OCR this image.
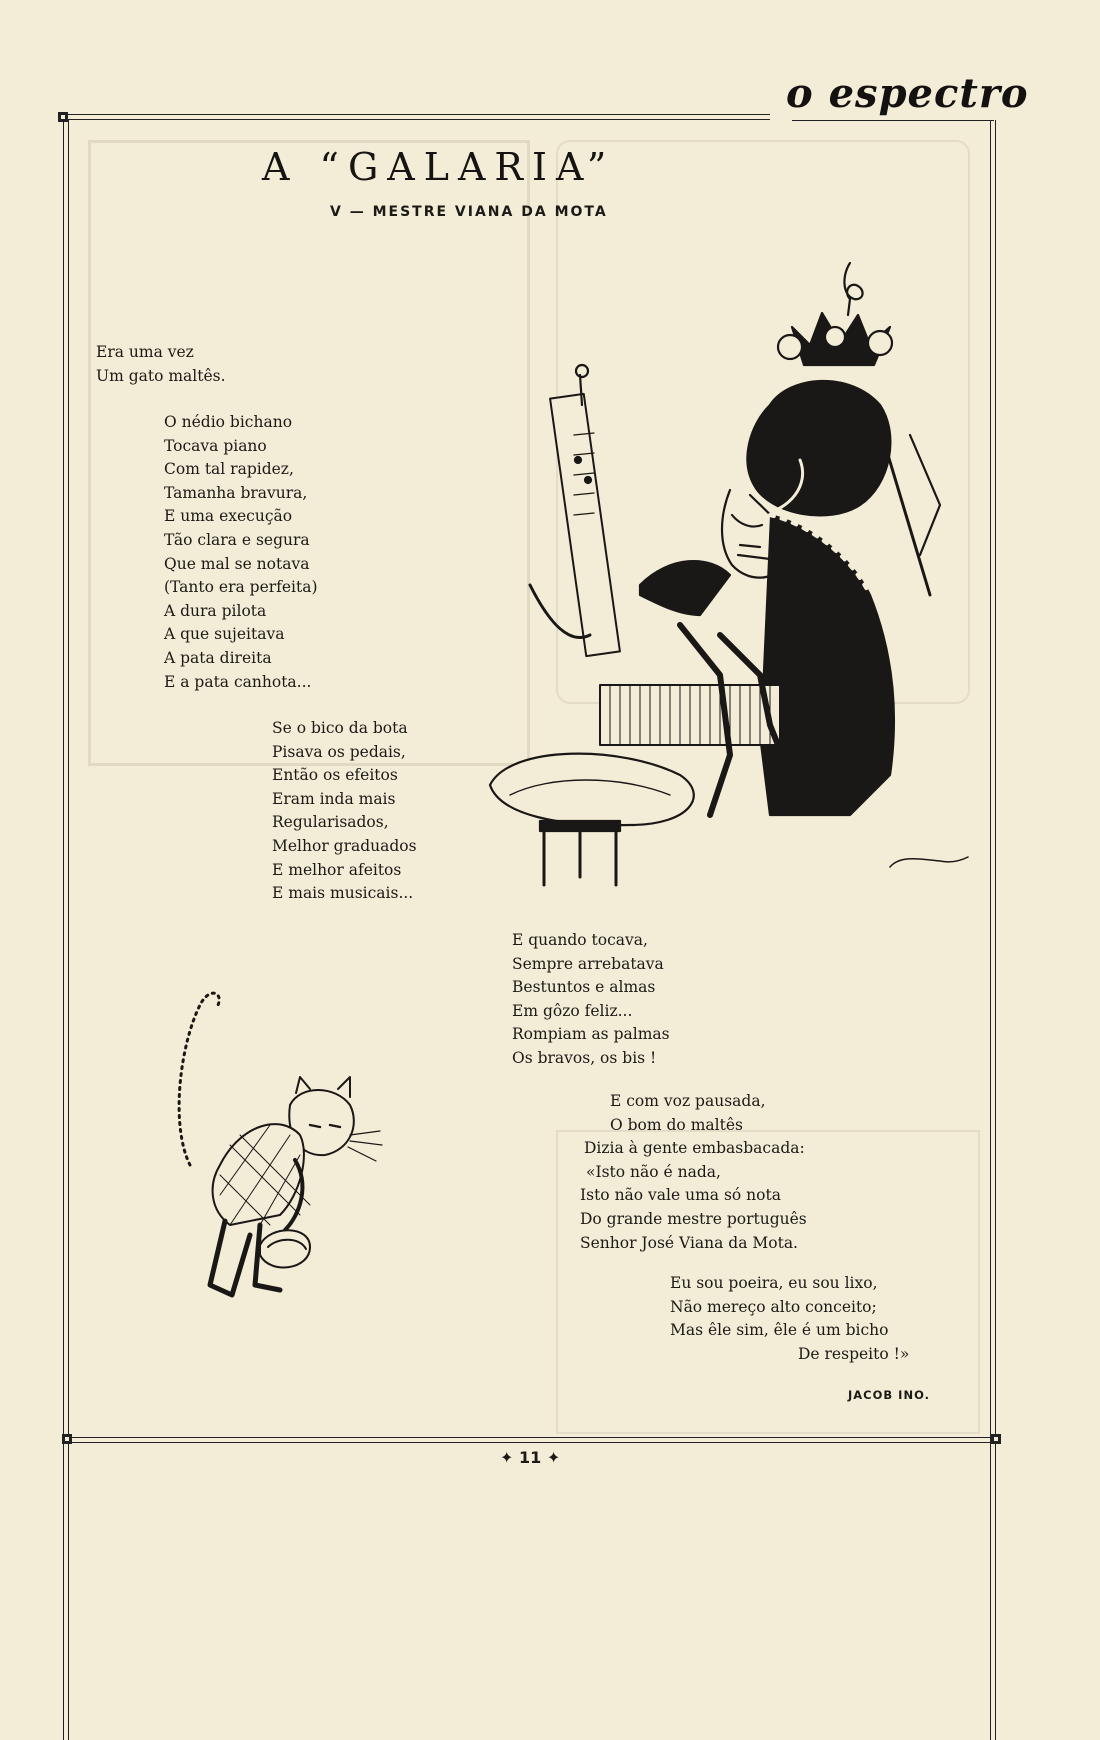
o espectro
A “GALARIA”
V — MESTRE VIANA DA MOTA
Era uma vez
Um gato maltês.
O nédio bichano
Tocava piano
Com tal rapidez,
Tamanha bravura,
E uma execução
Tão clara e segura
Que mal se notava
(Tanto era perfeita)
A dura pilota
A que sujeitava
A pata direita
E a pata canhota...
Se o bico da bota
Pisava os pedais,
Então os efeitos
Eram inda mais
Regularisados,
Melhor graduados
E melhor afeitos
E mais musicais...
E quando tocava,
Sempre arrebatava
Bestuntos e almas
Em gôzo feliz...
Rompiam as palmas
Os bravos, os bis !
E com voz pausada,
O bom do maltês
Dizia à gente embasbacada:
«Isto não é nada,
Isto não vale uma só nota
Do grande mestre português
Senhor José Viana da Mota.
Eu sou poeira, eu sou lixo,
Não mereço alto conceito;
Mas êle sim, êle é um bicho
De respeito !»
JACOB INO.
✦ 11 ✦
